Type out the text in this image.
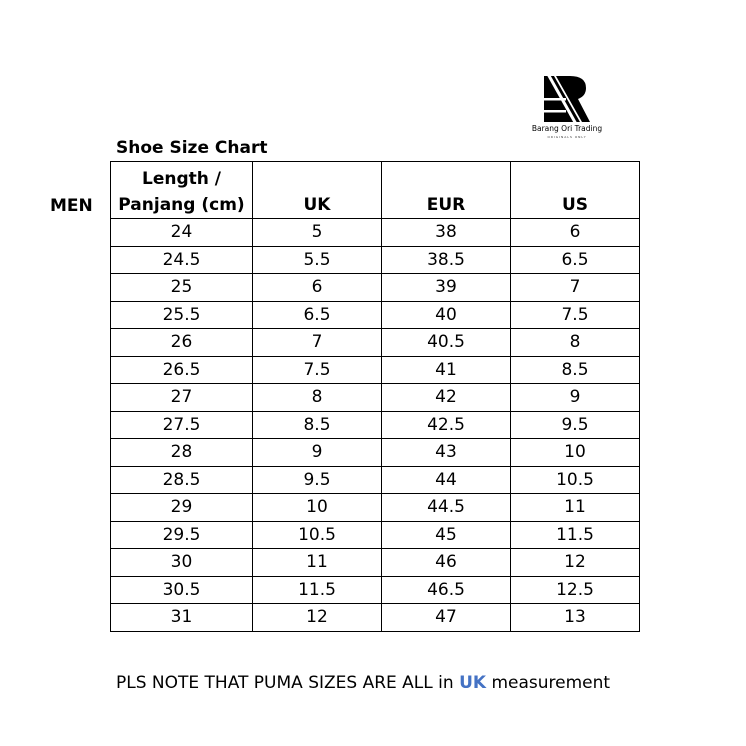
Barang Ori Trading
ORIGINALS ONLY
Shoe Size Chart
MEN
Length /
Panjang (cm)	UK	EUR	US
24	5	38	6
24.5	5.5	38.5	6.5
25	6	39	7
25.5	6.5	40	7.5
26	7	40.5	8
26.5	7.5	41	8.5
27	8	42	9
27.5	8.5	42.5	9.5
28	9	43	10
28.5	9.5	44	10.5
29	10	44.5	11
29.5	10.5	45	11.5
30	11	46	12
30.5	11.5	46.5	12.5
31	12	47	13
PLS NOTE THAT PUMA SIZES ARE ALL in UK measurement
